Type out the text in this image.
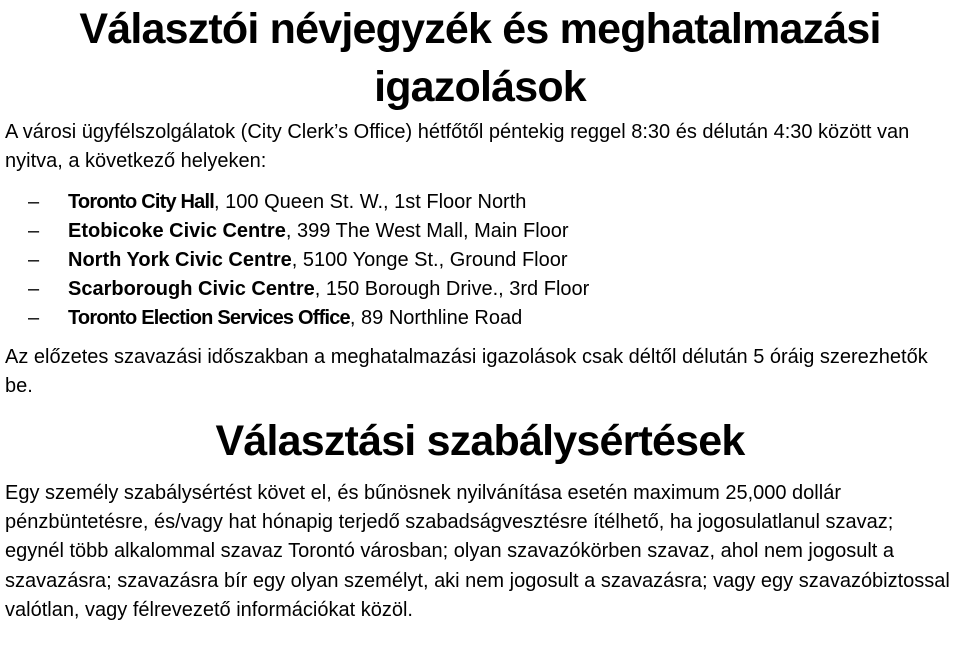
Választói névjegyzék és meghatalmazási
igazolások

A városi ügyfélszolgálatok (City Clerk’s Office) hétfőtől péntekig reggel 8:30 és délután 4:30 között van nyitva, a következő helyeken:

– Toronto City Hall, 100 Queen St. W., 1st Floor North
– Etobicoke Civic Centre, 399 The West Mall, Main Floor
– North York Civic Centre, 5100 Yonge St., Ground Floor
– Scarborough Civic Centre, 150 Borough Drive., 3rd Floor
– Toronto Election Services Office, 89 Northline Road

Az előzetes szavazási időszakban a meghatalmazási igazolások csak déltől délután 5 óráig szerezhetők be.

Választási szabálysértések

Egy személy szabálysértést követ el, és bűnösnek nyilvánítása esetén maximum 25,000 dollár pénzbüntetésre, és/vagy hat hónapig terjedő szabadságvesztésre ítélhető, ha jogosulatlanul szavaz; egynél több alkalommal szavaz Torontó városban; olyan szavazókörben szavaz, ahol nem jogosult a szavazásra; szavazásra bír egy olyan személyt, aki nem jogosult a szavazásra; vagy egy szavazóbiztossal valótlan, vagy félrevezető információkat közöl.
